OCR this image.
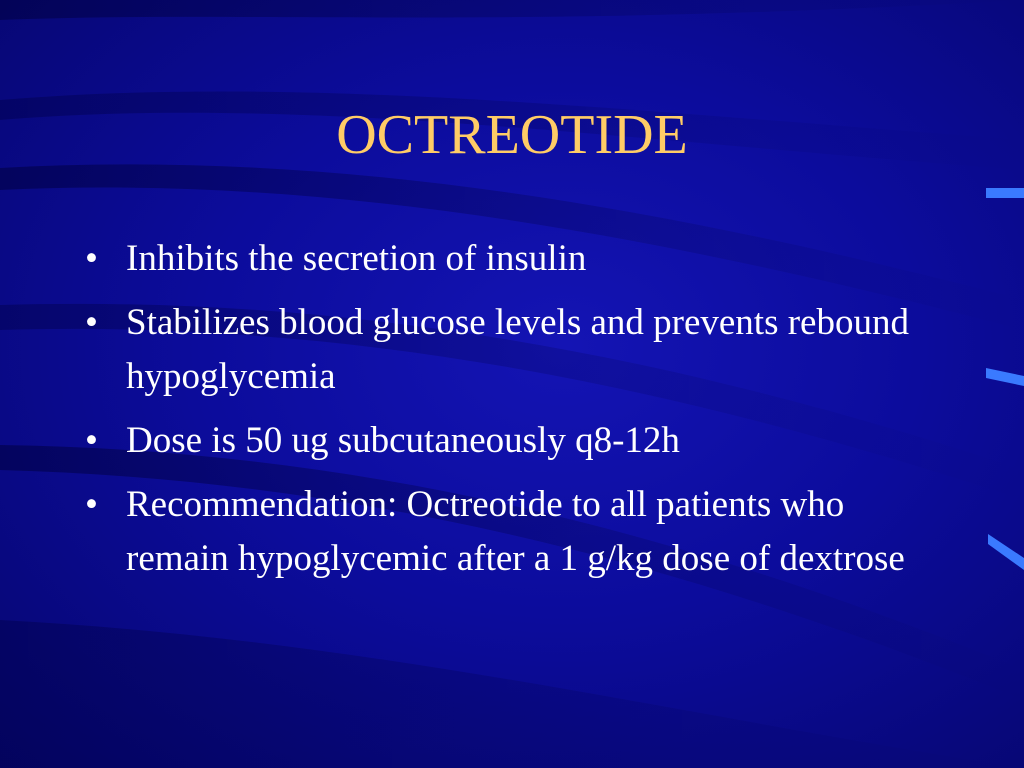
OCTREOTIDE
• Inhibits the secretion of insulin
• Stabilizes blood glucose levels and prevents rebound hypoglycemia
• Dose is 50 ug subcutaneously q8-12h
• Recommendation: Octreotide to all patients who remain hypoglycemic after a 1 g/kg dose of dextrose
